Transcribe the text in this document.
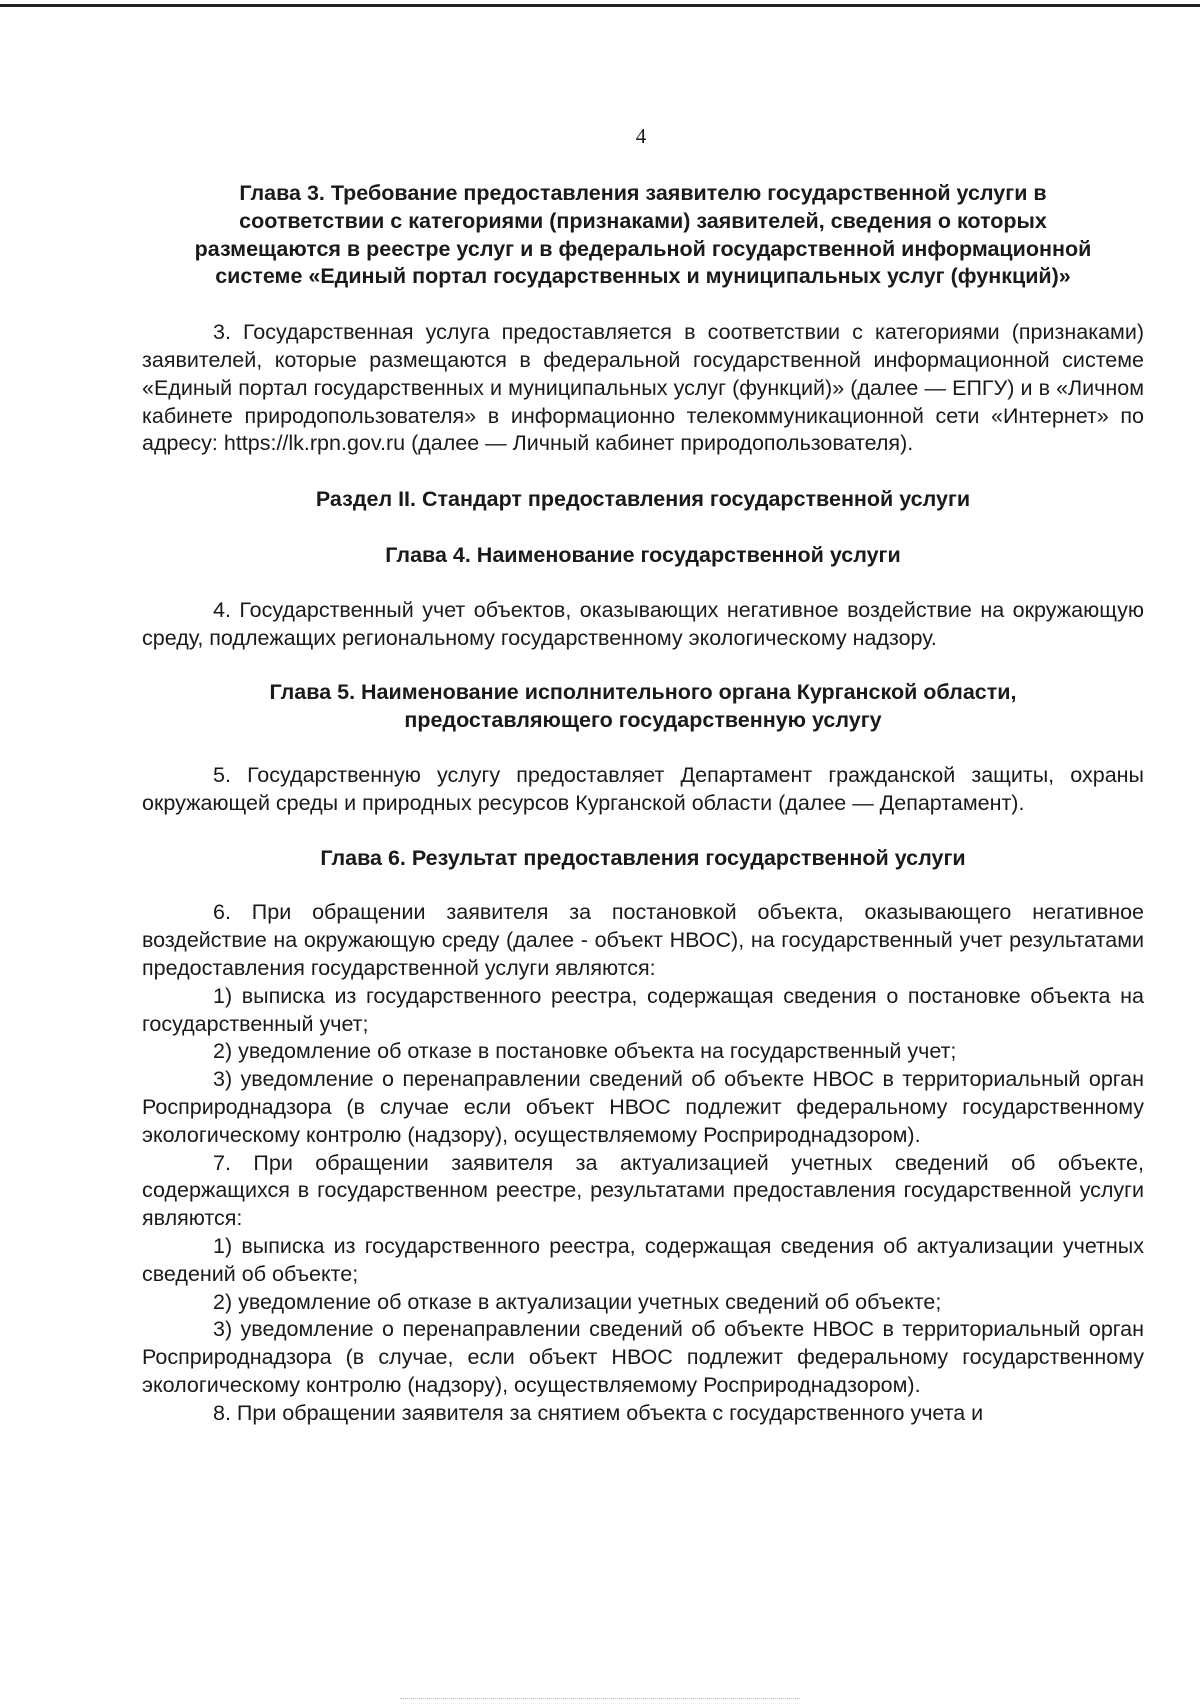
4

Глава 3. Требование предоставления заявителю государственной услуги в соответствии с категориями (признаками) заявителей, сведения о которых размещаются в реестре услуг и в федеральной государственной информационной системе «Единый портал государственных и муниципальных услуг (функций)»

3. Государственная услуга предоставляется в соответствии с категориями (признаками) заявителей, которые размещаются в федеральной государственной информационной системе «Единый портал государственных и муниципальных услуг (функций)» (далее — ЕПГУ) и в «Личном кабинете природопользователя» в информационно телекоммуникационной сети «Интернет» по адресу: https://lk.rpn.gov.ru (далее — Личный кабинет природопользователя).

Раздел II. Стандарт предоставления государственной услуги

Глава 4. Наименование государственной услуги

4. Государственный учет объектов, оказывающих негативное воздействие на окружающую среду, подлежащих региональному государственному экологическому надзору.

Глава 5. Наименование исполнительного органа Курганской области, предоставляющего государственную услугу

5. Государственную услугу предоставляет Департамент гражданской защиты, охраны окружающей среды и природных ресурсов Курганской области (далее — Департамент).

Глава 6. Результат предоставления государственной услуги

6. При обращении заявителя за постановкой объекта, оказывающего негативное воздействие на окружающую среду (далее - объект НВОС), на государственный учет результатами предоставления государственной услуги являются:

1) выписка из государственного реестра, содержащая сведения о постановке объекта на государственный учет;

2) уведомление об отказе в постановке объекта на государственный учет;

3) уведомление о перенаправлении сведений об объекте НВОС в территориальный орган Росприроднадзора (в случае если объект НВОС подлежит федеральному государственному экологическому контролю (надзору), осуществляемому Росприроднадзором).

7. При обращении заявителя за актуализацией учетных сведений об объекте, содержащихся в государственном реестре, результатами предоставления государственной услуги являются:

1) выписка из государственного реестра, содержащая сведения об актуализации учетных сведений об объекте;

2) уведомление об отказе в актуализации учетных сведений об объекте;

3) уведомление о перенаправлении сведений об объекте НВОС в территориальный орган Росприроднадзора (в случае, если объект НВОС подлежит федеральному государственному экологическому контролю (надзору), осуществляемому Росприроднадзором).

8. При обращении заявителя за снятием объекта с государственного учета и
